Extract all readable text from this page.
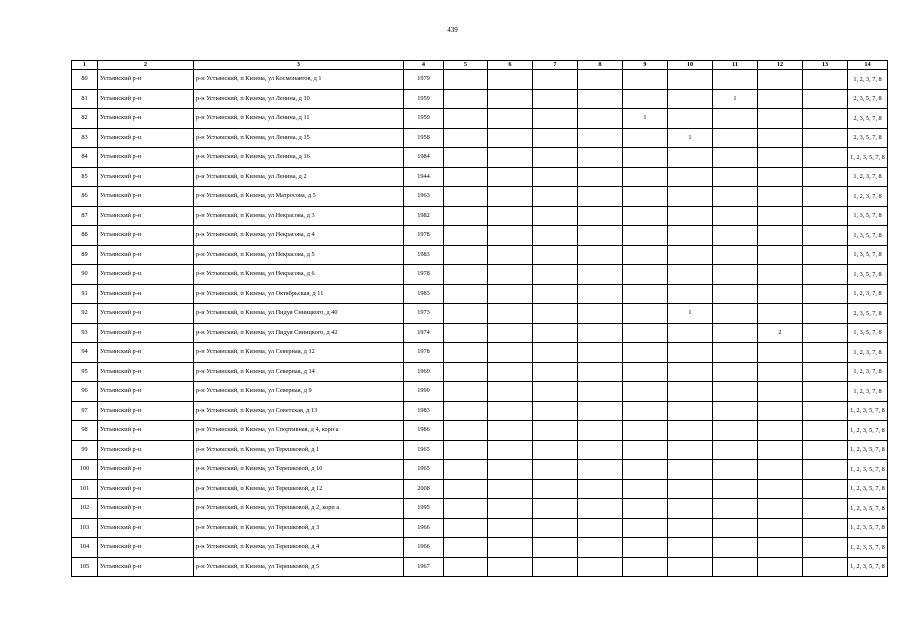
439
1	2	3	4	5	6	7	8	9	10	11	12	13	14
80	Устьянский р-н	р-н Устьянский, п Кизема, ул Космонавтов, д 1	1979										1, 2, 3, 7, 8
81	Устьянский р-н	р-н Устьянский, п Кизема, ул Ленина, д 10	1959							1			2, 3, 5, 7, 8
82	Устьянский р-н	р-н Устьянский, п Кизема, ул Ленина, д 11	1959					1					2, 3, 5, 7, 8
83	Устьянский р-н	р-н Устьянский, п Кизема, ул Ленина, д 15	1958						1				2, 3, 5, 7, 8
84	Устьянский р-н	р-н Устьянский, п Кизема, ул Ленина, д 16	1984										1, 2, 3, 5, 7, 8
85	Устьянский р-н	р-н Устьянский, п Кизема, ул Ленина, д 2	1944										1, 2, 3, 7, 8
86	Устьянский р-н	р-н Устьянский, п Кизема, ул Матросова, д 5	1963										1, 2, 3, 7, 8
87	Устьянский р-н	р-н Устьянский, п Кизема, ул Некрасова, д 3	1982										1, 3, 5, 7, 8
88	Устьянский р-н	р-н Устьянский, п Кизема, ул Некрасова, д 4	1978										1, 3, 5, 7, 8
89	Устьянский р-н	р-н Устьянский, п Кизема, ул Некрасова, д 5	1983										1, 3, 5, 7, 8
90	Устьянский р-н	р-н Устьянский, п Кизема, ул Некрасова, д 6	1978										1, 3, 5, 7, 8
91	Устьянский р-н	р-н Устьянский, п Кизема, ул Октябрьская, д 11	1983										1, 2, 3, 7, 8
92	Устьянский р-н	р-н Устьянский, п Кизема, ул Пидуя Синицкого, д 40	1973						1				2, 3, 5, 7, 8
93	Устьянский р-н	р-н Устьянский, п Кизема, ул Пидуя Синицкого, д 42	1974								2		1, 3, 5, 7, 8
94	Устьянский р-н	р-н Устьянский, п Кизема, ул Северная, д 12	1978										1, 2, 3, 7, 8
95	Устьянский р-н	р-н Устьянский, п Кизема, ул Северная, д 14	1960										1, 2, 3, 7, 8
96	Устьянский р-н	р-н Устьянский, п Кизема, ул Северная, д 9	1990										1, 2, 3, 7, 8
97	Устьянский р-н	р-н Устьянский, п Кизема, ул Советская, д 13	1983										1, 2, 3, 5, 7, 8
98	Устьянский р-н	р-н Устьянский, п Кизема, ул Спортивная, д 4, корп а	1986										1, 2, 3, 5, 7, 8
99	Устьянский р-н	р-н Устьянский, п Кизема, ул Терешковой, д 1	1965										1, 2, 3, 5, 7, 8
100	Устьянский р-н	р-н Устьянский, п Кизема, ул Терешковой, д 10	1965										1, 2, 3, 5, 7, 8
101	Устьянский р-н	р-н Устьянский, п Кизема, ул Терешковой, д 12	2008										1, 2, 3, 5, 7, 8
102	Устьянский р-н	р-н Устьянский, п Кизема, ул Терешковой, д 2, корп а	1995										1, 2, 3, 5, 7, 8
103	Устьянский р-н	р-н Устьянский, п Кизема, ул Терешковой, д 3	1966										1, 2, 3, 5, 7, 8
104	Устьянский р-н	р-н Устьянский, п Кизема, ул Терешковой, д 4	1966										1, 2, 3, 5, 7, 8
105	Устьянский р-н	р-н Устьянский, п Кизема, ул Терешковой, д 5	1967										1, 2, 3, 5, 7, 8
